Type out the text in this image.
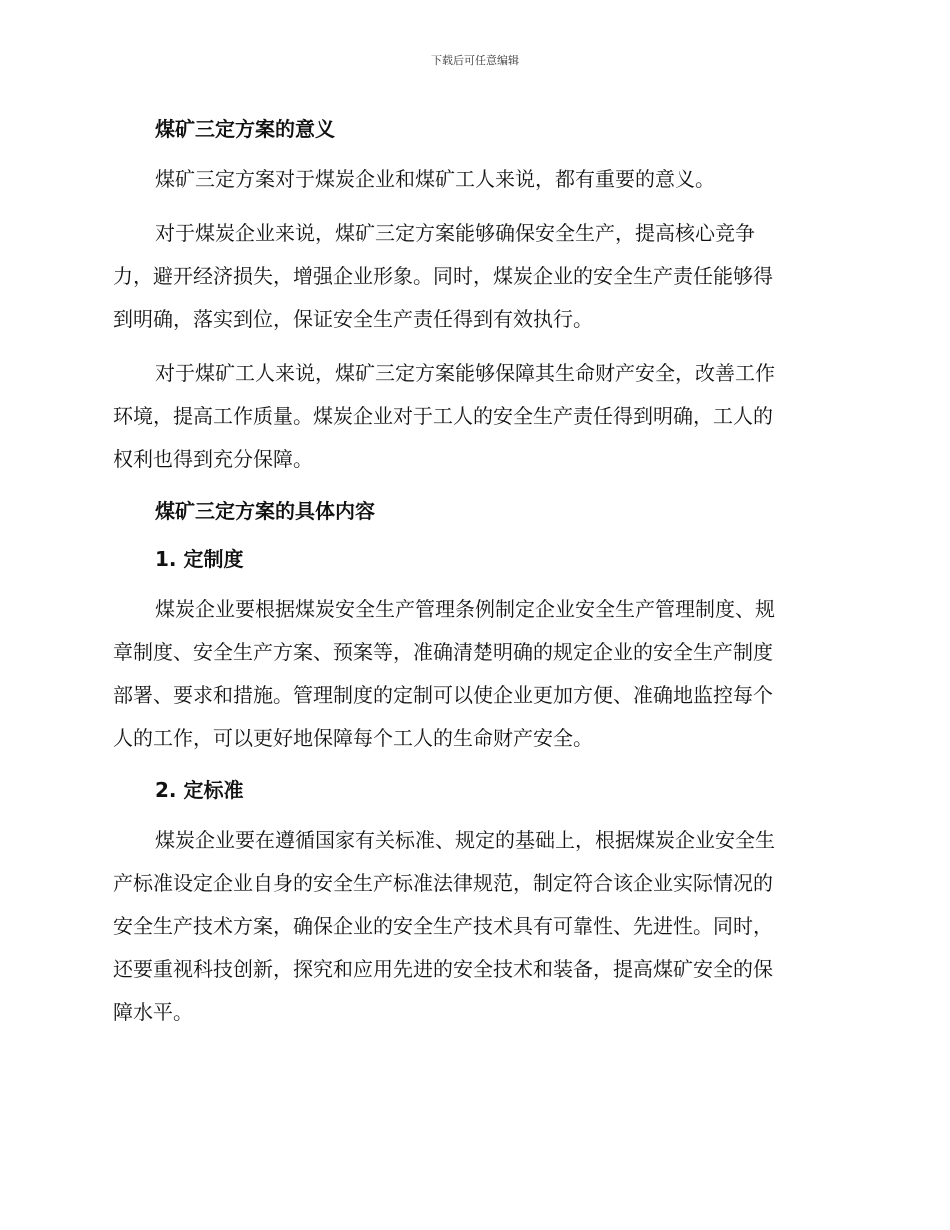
下载后可任意编辑
煤矿三定方案的意义
煤矿三定方案对于煤炭企业和煤矿工人来说，都有重要的意义。
对于煤炭企业来说，煤矿三定方案能够确保安全生产，提高核心竞争
力，避开经济损失，增强企业形象。同时，煤炭企业的安全生产责任能够得
到明确，落实到位，保证安全生产责任得到有效执行。
对于煤矿工人来说，煤矿三定方案能够保障其生命财产安全，改善工作
环境，提高工作质量。煤炭企业对于工人的安全生产责任得到明确，工人的
权利也得到充分保障。
煤矿三定方案的具体内容
1. 定制度
煤炭企业要根据煤炭安全生产管理条例制定企业安全生产管理制度、规
章制度、安全生产方案、预案等，准确清楚明确的规定企业的安全生产制度
部署、要求和措施。管理制度的定制可以使企业更加方便、准确地监控每个
人的工作，可以更好地保障每个工人的生命财产安全。
2. 定标准
煤炭企业要在遵循国家有关标准、规定的基础上，根据煤炭企业安全生
产标准设定企业自身的安全生产标准法律规范，制定符合该企业实际情况的
安全生产技术方案，确保企业的安全生产技术具有可靠性、先进性。同时，
还要重视科技创新，探究和应用先进的安全技术和装备，提高煤矿安全的保
障水平。
